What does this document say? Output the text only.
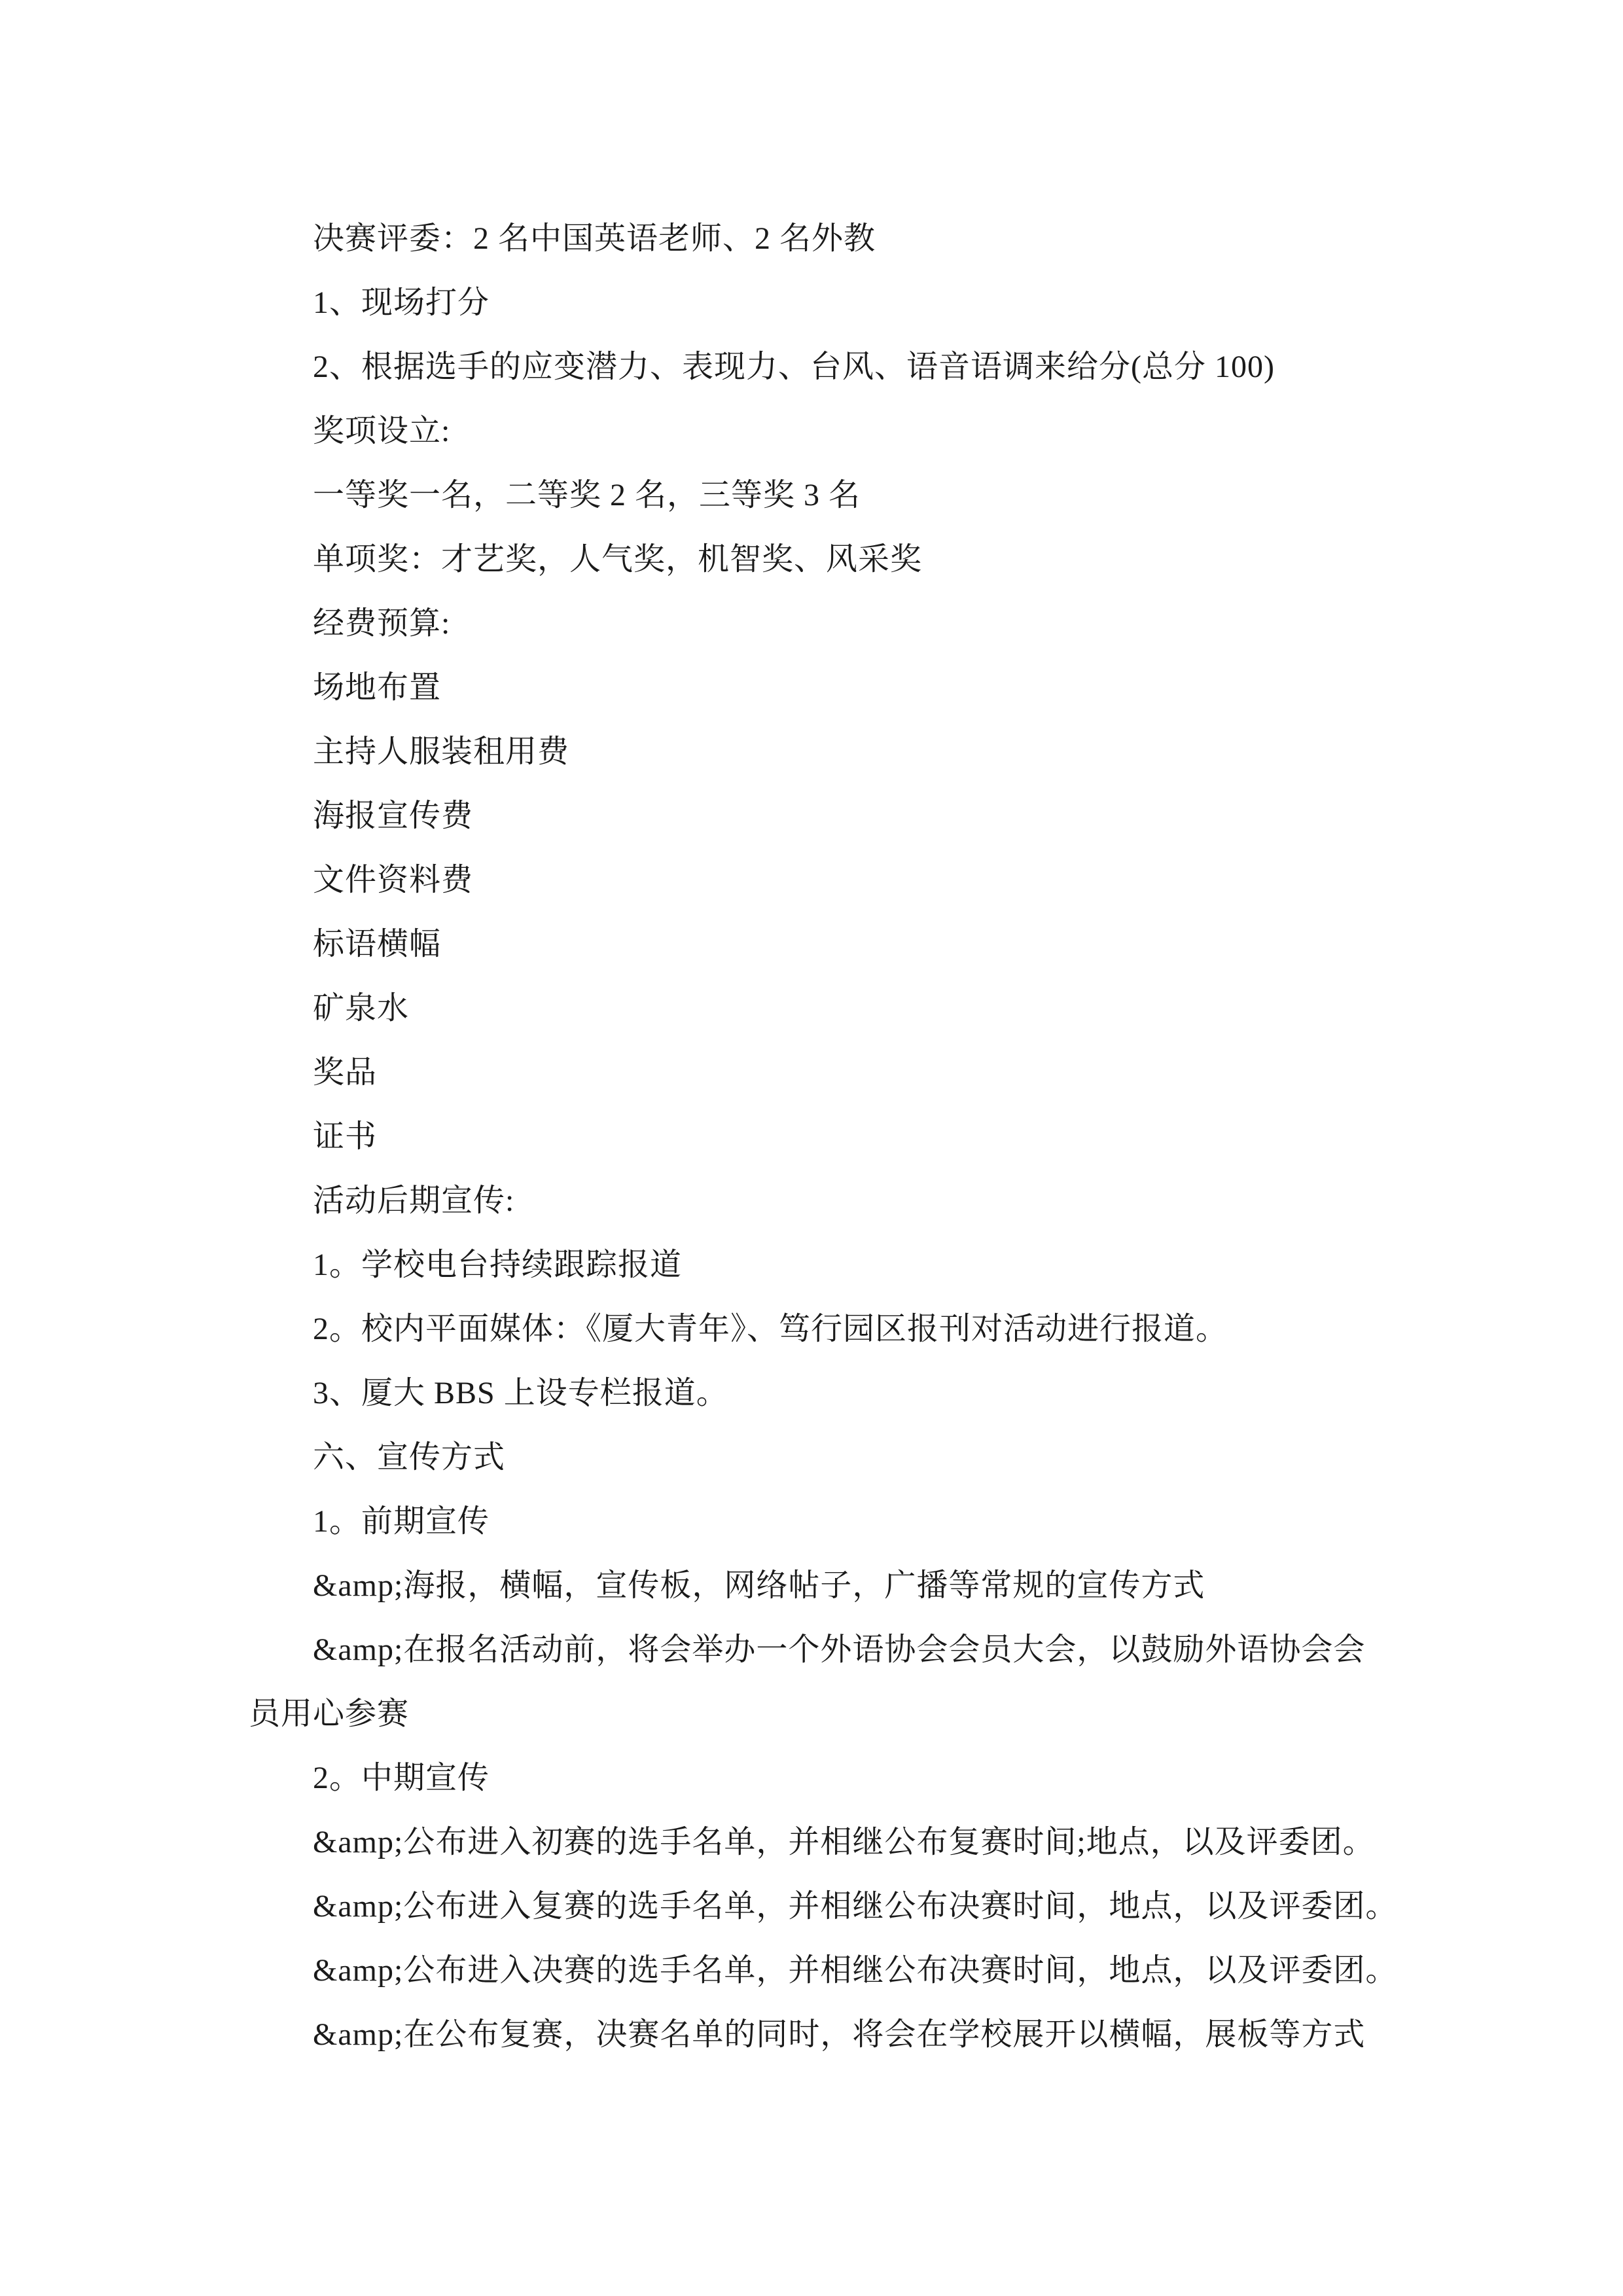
决赛评委：2 名中国英语老师、2 名外教

1、现场打分

2、根据选手的应变潜力、表现力、台风、语音语调来给分(总分 100)

奖项设立:

一等奖一名，二等奖 2 名，三等奖 3 名

单项奖：才艺奖，人气奖，机智奖、风采奖

经费预算:

场地布置

主持人服装租用费

海报宣传费

文件资料费

标语横幅

矿泉水

奖品

证书

活动后期宣传:

1。学校电台持续跟踪报道

2。校内平面媒体：《厦大青年》、笃行园区报刊对活动进行报道。

3、厦大 BBS 上设专栏报道。

六、宣传方式

1。前期宣传

&amp;海报，横幅，宣传板，网络帖子，广播等常规的宣传方式

&amp;在报名活动前，将会举办一个外语协会会员大会，以鼓励外语协会会

员用心参赛

2。中期宣传

&amp;公布进入初赛的选手名单，并相继公布复赛时间;地点，以及评委团。

&amp;公布进入复赛的选手名单，并相继公布决赛时间，地点，以及评委团。

&amp;公布进入决赛的选手名单，并相继公布决赛时间，地点，以及评委团。

&amp;在公布复赛，决赛名单的同时，将会在学校展开以横幅，展板等方式
